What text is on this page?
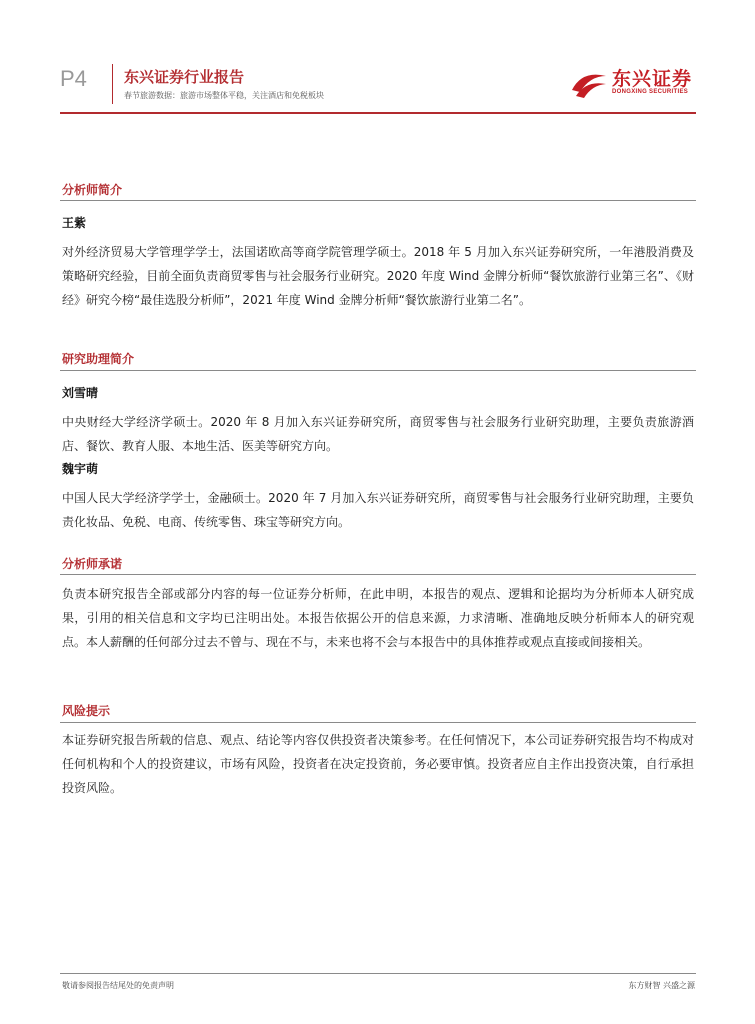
P4 东兴证券行业报告
春节旅游数据：旅游市场整体平稳，关注酒店和免税板块
东兴证券
DONGXING SECURITIES
分析师简介
王紫

对外经济贸易大学管理学学士，法国诺欧高等商学院管理学硕士。2018 年 5 月加入东兴证券研究所，一年港股消费及策略研究经验，目前全面负责商贸零售与社会服务行业研究。2020 年度 Wind 金牌分析师“餐饮旅游行业第三名”、《财经》研究今榜“最佳选股分析师”，2021 年度 Wind 金牌分析师“餐饮旅游行业第二名”。

研究助理简介
刘雪晴

中央财经大学经济学硕士。2020 年 8 月加入东兴证券研究所，商贸零售与社会服务行业研究助理，主要负责旅游酒店、餐饮、教育人服、本地生活、医美等研究方向。

魏宇萌

中国人民大学经济学学士，金融硕士。2020 年 7 月加入东兴证券研究所，商贸零售与社会服务行业研究助理，主要负责化妆品、免税、电商、传统零售、珠宝等研究方向。

分析师承诺

负责本研究报告全部或部分内容的每一位证券分析师，在此申明，本报告的观点、逻辑和论据均为分析师本人研究成果，引用的相关信息和文字均已注明出处。本报告依据公开的信息来源，力求清晰、准确地反映分析师本人的研究观点。本人薪酬的任何部分过去不曾与、现在不与，未来也将不会与本报告中的具体推荐或观点直接或间接相关。

风险提示

本证券研究报告所载的信息、观点、结论等内容仅供投资者决策参考。在任何情况下，本公司证券研究报告均不构成对任何机构和个人的投资建议，市场有风险，投资者在决定投资前，务必要审慎。投资者应自主作出投资决策，自行承担投资风险。

敬请参阅报告结尾处的免责声明	东方财智 兴盛之源
